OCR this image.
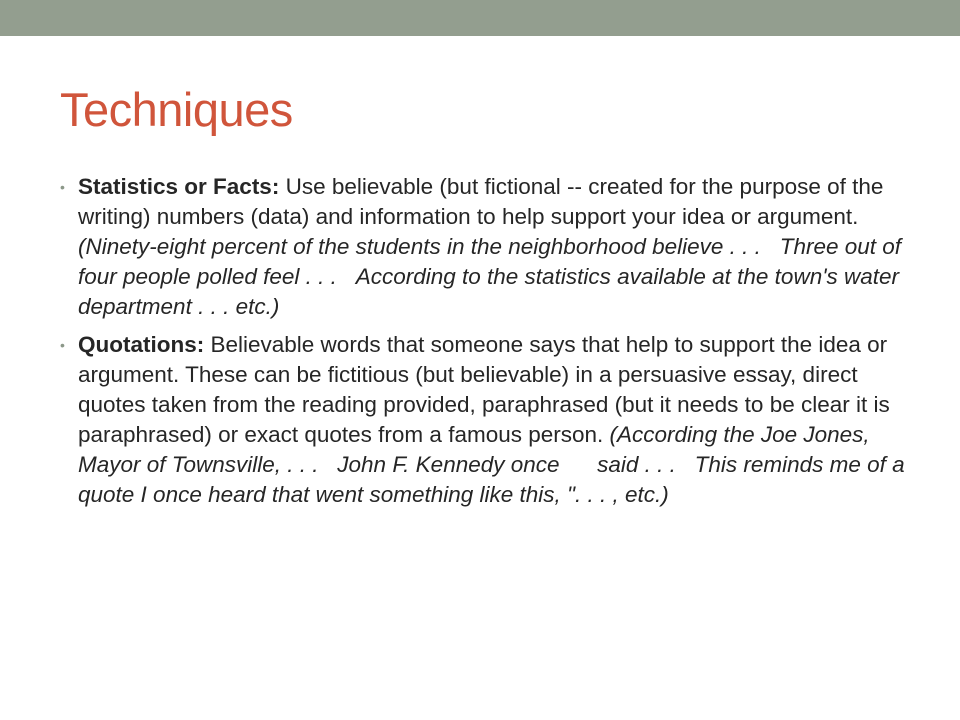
Techniques
• Statistics or Facts: Use believable (but fictional -- created for the purpose of the writing) numbers (data) and information to help support your idea or argument. (Ninety-eight percent of the students in the neighborhood believe . . . Three out of four people polled feel . . . According to the statistics available at the town's water department . . . etc.)
• Quotations: Believable words that someone says that help to support the idea or argument. These can be fictitious (but believable) in a persuasive essay, direct quotes taken from the reading provided, paraphrased (but it needs to be clear it is paraphrased) or exact quotes from a famous person. (According the Joe Jones, Mayor of Townsville, . . . John F. Kennedy once said . . . This reminds me of a quote I once heard that went something like this, ". . . , etc.)
